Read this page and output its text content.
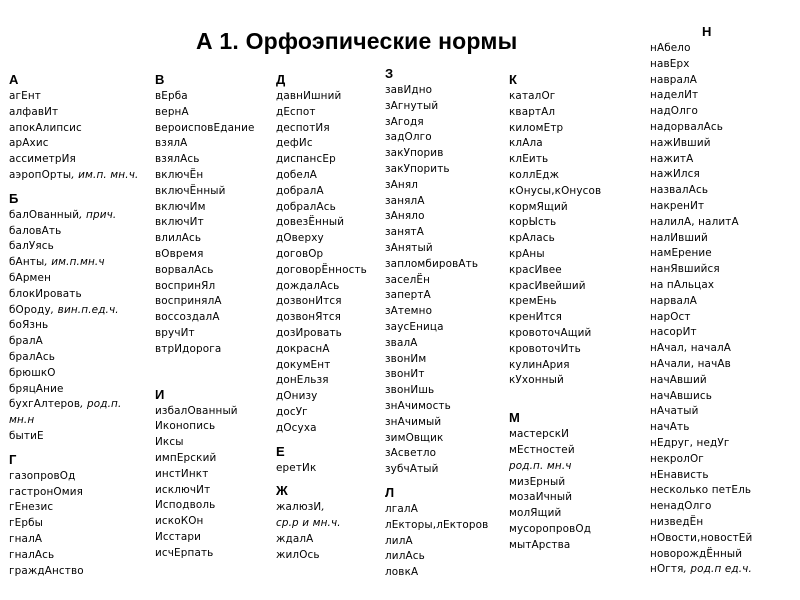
А 1. Орфоэпические нормы
А
агЕнт
алфавИт
апокАлипсис
арАхис
ассиметрИя
аэропОрты, им.п. мн.ч.
Б
балОванный, прич.
баловАть
балУясь
бАнты, им.п.мн.ч
бАрмен
блокИровать
бОроду, вин.п.ед.ч.
боЯзнь
бралА
бралАсь
брюшкО
бряцАние
бухгАлтеров, род.п.
мн.н
бытиЕ
Г
газопровОд
гастронОмия
гЕнезис
гЕрбы
гналА
гналАсь
граждАнство
В
вЕрба
вернА
вероисповЕдание
взялА
взялАсь
включЁн
включЁнный
включИм
включИт
влилАсь
вОвремя
ворвалАсь
воспринЯл
воспринялА
воссоздалА
вручИт
втрИдорога
И
избалОванный
Иконопись
Иксы
импЕрский
инстИнкт
исключИт
Исподволь
искоКОн
Исстари
исчЕрпать
Д
давнИшний
дЕспот
деспотИя
дефИс
диспансЕр
добелА
добралА
добралАсь
довезЁнный
дОверху
договОр
договорЁнность
дождалАсь
дозвонИтся
дозвонЯтся
дозИровать
докраснА
докумЕнт
донЕльзя
дОнизу
досУг
дОсуха
Е
еретИк
Ж
жалюзИ,
ср.р и мн.ч.
ждалА
жилОсь
З
завИдно
зАгнутый
зАгодя
задОлго
закУпорив
закУпорить
зАнял
занялА
зАняло
занятА
зАнятый
запломбировАть
заселЁн
запертА
зАтемно
заусЕница
звалА
звонИм
звонИт
звонИшь
знАчимость
знАчимый
зимОвщик
зАсветло
зубчАтый
Л
лгалА
лЕкторы,лЕкторов
лилА
лилАсь
ловкА
К
каталОг
квартАл
киломЕтр
клАла
клЕить
коллЕдж
кОнусы,кОнусов
кормЯщий
корЫсть
крАлась
крАны
красИвее
красИвейший
кремЕнь
кренИтся
кровоточАщий
кровоточИть
кулинАрия
кУхонный
М
мастерскИ
мЕстностей
род.п. мн.ч
мизЕрный
мозаИчный
молЯщий
мусоропровОд
мытАрства
Н
нАбело
навЕрх
навралА
наделИт
надОлго
надорвалАсь
нажИвший
нажитА
нажИлся
назвалАсь
накренИт
налилА, налитА
налИвший
намЕрение
нанЯвшийся
на пАльцах
нарвалА
нарОст
насорИт
нАчал, началА
нАчали, начАв
начАвший
начАвшись
нАчатый
начАть
нЕдруг, недУг
некролОг
нЕнависть
несколько петЕль
ненадОлго
низведЁн
нОвости,новостЕй
новорождЁнный
нОгтя, род.п ед.ч.
